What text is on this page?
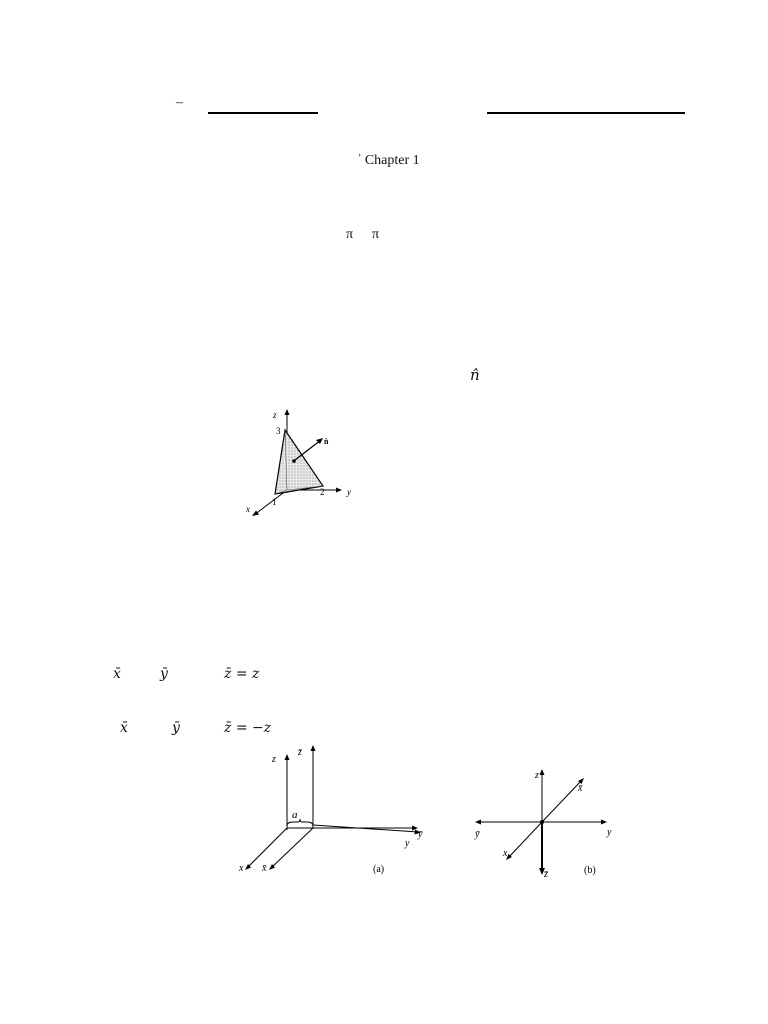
–
’ Chapter 1
π π
n̂
z
3
n̂
2	y
1
x
x̄	ȳ	z̄ = z
x̄	ȳ	z̄ = −z
z̄
z
a
ȳ
y
x x̄	(a)
z
x̄
ȳ	y
x
z̄	(b)
